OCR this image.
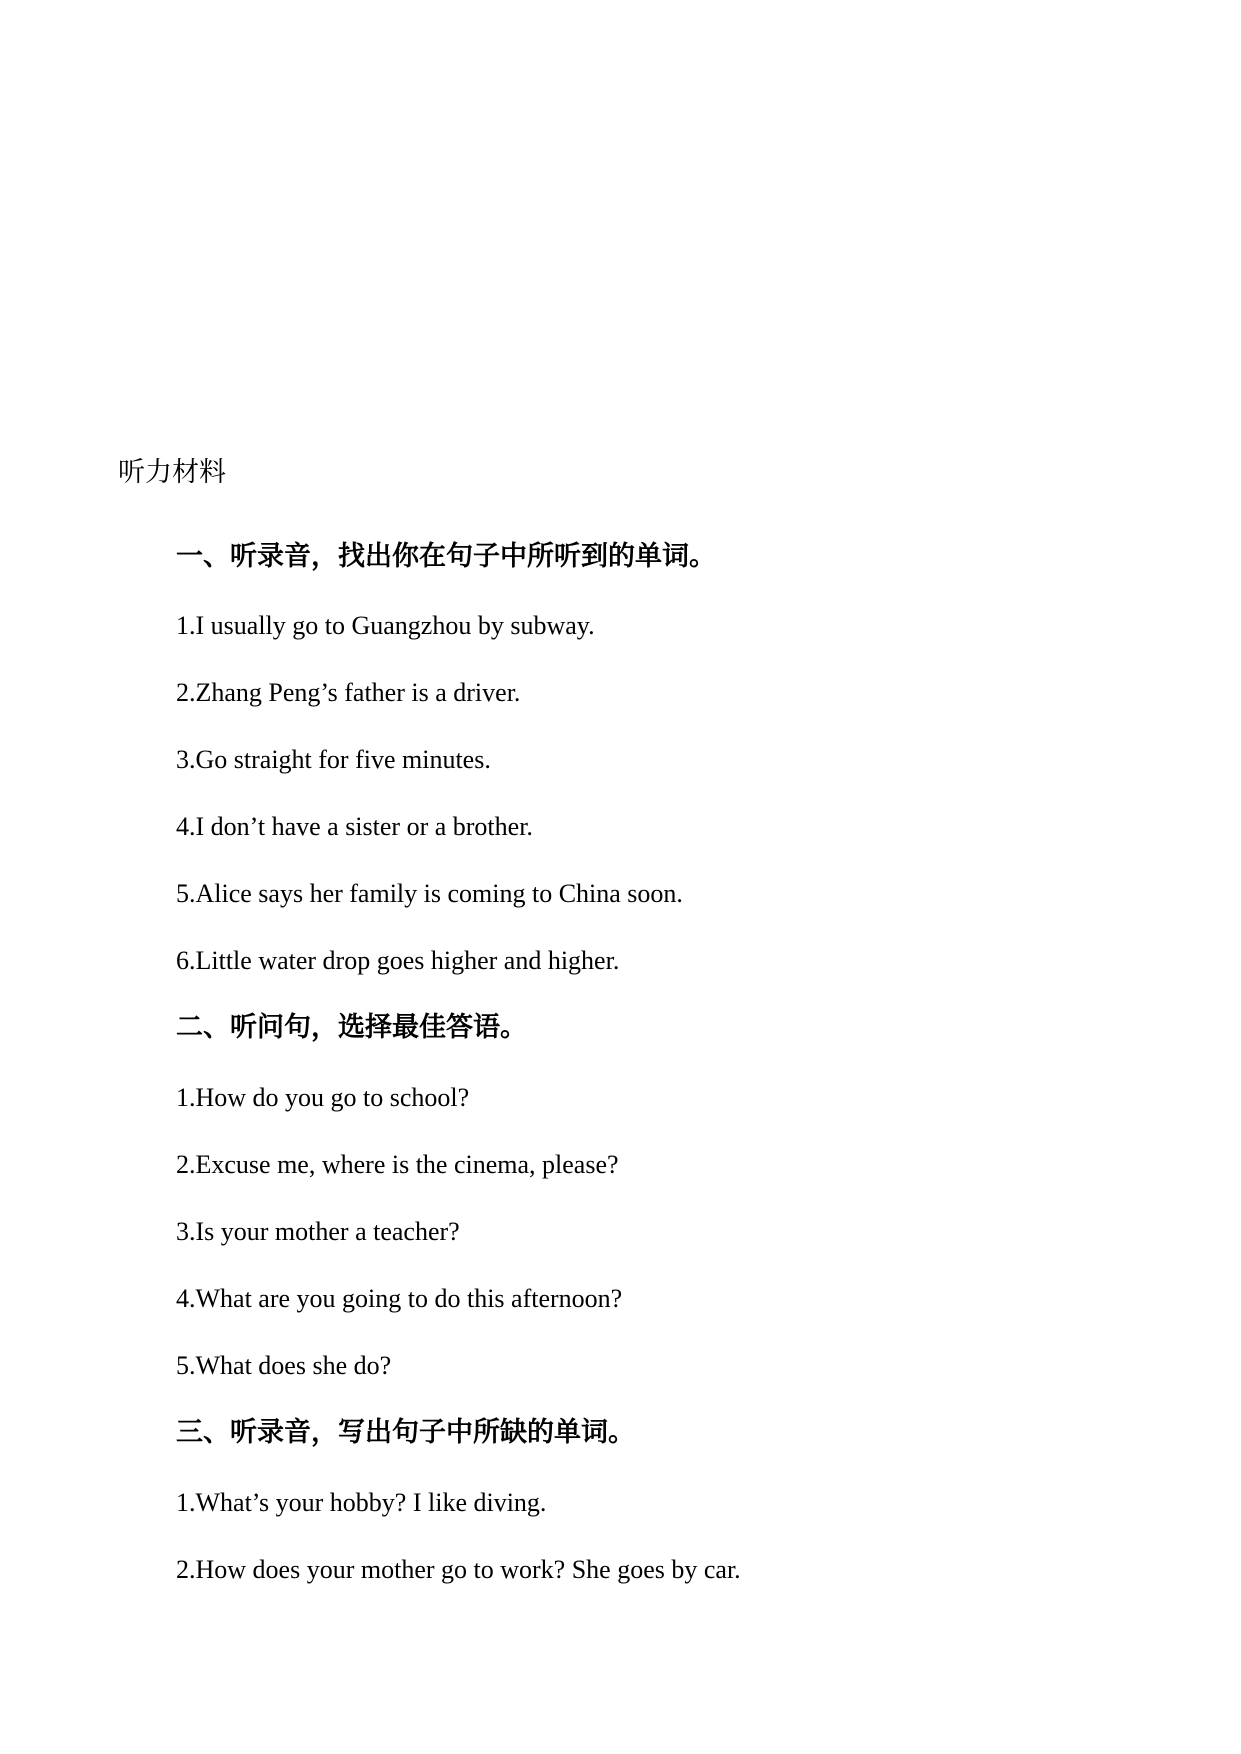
听力材料
一、听录音，找出你在句子中所听到的单词。
1.I usually go to Guangzhou by subway.
2.Zhang Peng’s father is a driver.
3.Go straight for five minutes.
4.I don’t have a sister or a brother.
5.Alice says her family is coming to China soon.
6.Little water drop goes higher and higher.
二、听问句，选择最佳答语。
1.How do you go to school?
2.Excuse me, where is the cinema, please?
3.Is your mother a teacher?
4.What are you going to do this afternoon?
5.What does she do?
三、听录音，写出句子中所缺的单词。
1.What’s your hobby? I like diving.
2.How does your mother go to work? She goes by car.
